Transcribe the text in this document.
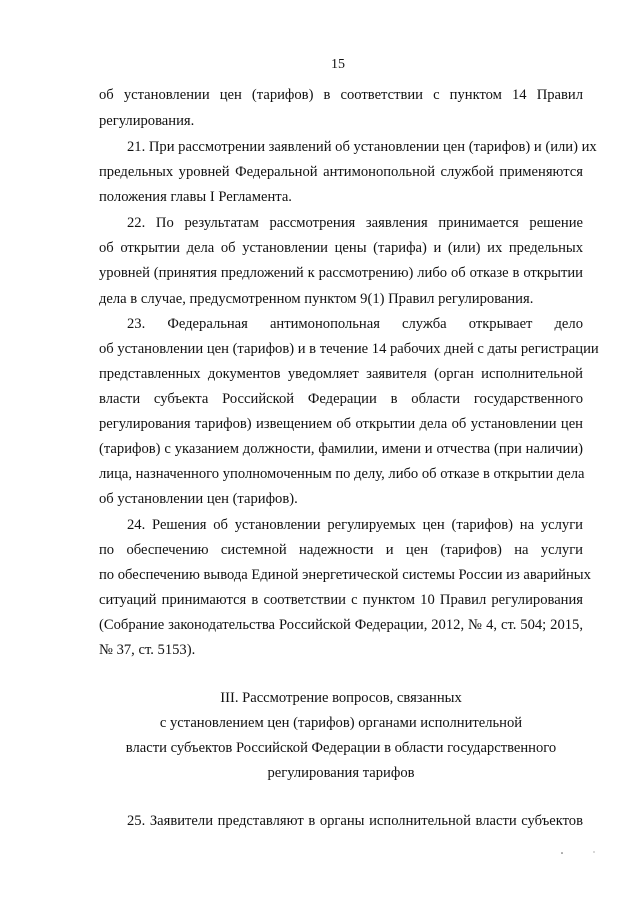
15
об установлении цен (тарифов) в соответствии с пунктом 14 Правил
регулирования.
21. При рассмотрении заявлений об установлении цен (тарифов) и (или) их
предельных уровней Федеральной антимонопольной службой применяются
положения главы I Регламента.
22. По результатам рассмотрения заявления принимается решение
об открытии дела об установлении цены (тарифа) и (или) их предельных
уровней (принятия предложений к рассмотрению) либо об отказе в открытии
дела в случае, предусмотренном пунктом 9(1) Правил регулирования.
23. Федеральная антимонопольная служба открывает дело
об установлении цен (тарифов) и в течение 14 рабочих дней с даты регистрации
представленных документов уведомляет заявителя (орган исполнительной
власти субъекта Российской Федерации в области государственного
регулирования тарифов) извещением об открытии дела об установлении цен
(тарифов) с указанием должности, фамилии, имени и отчества (при наличии)
лица, назначенного уполномоченным по делу, либо об отказе в открытии дела
об установлении цен (тарифов).
24. Решения об установлении регулируемых цен (тарифов) на услуги
по обеспечению системной надежности и цен (тарифов) на услуги
по обеспечению вывода Единой энергетической системы России из аварийных
ситуаций принимаются в соответствии с пунктом 10 Правил регулирования
(Собрание законодательства Российской Федерации, 2012, № 4, ст. 504; 2015,
№ 37, ст. 5153).
III. Рассмотрение вопросов, связанных
с установлением цен (тарифов) органами исполнительной
власти субъектов Российской Федерации в области государственного
регулирования тарифов
25. Заявители представляют в органы исполнительной власти субъектов
